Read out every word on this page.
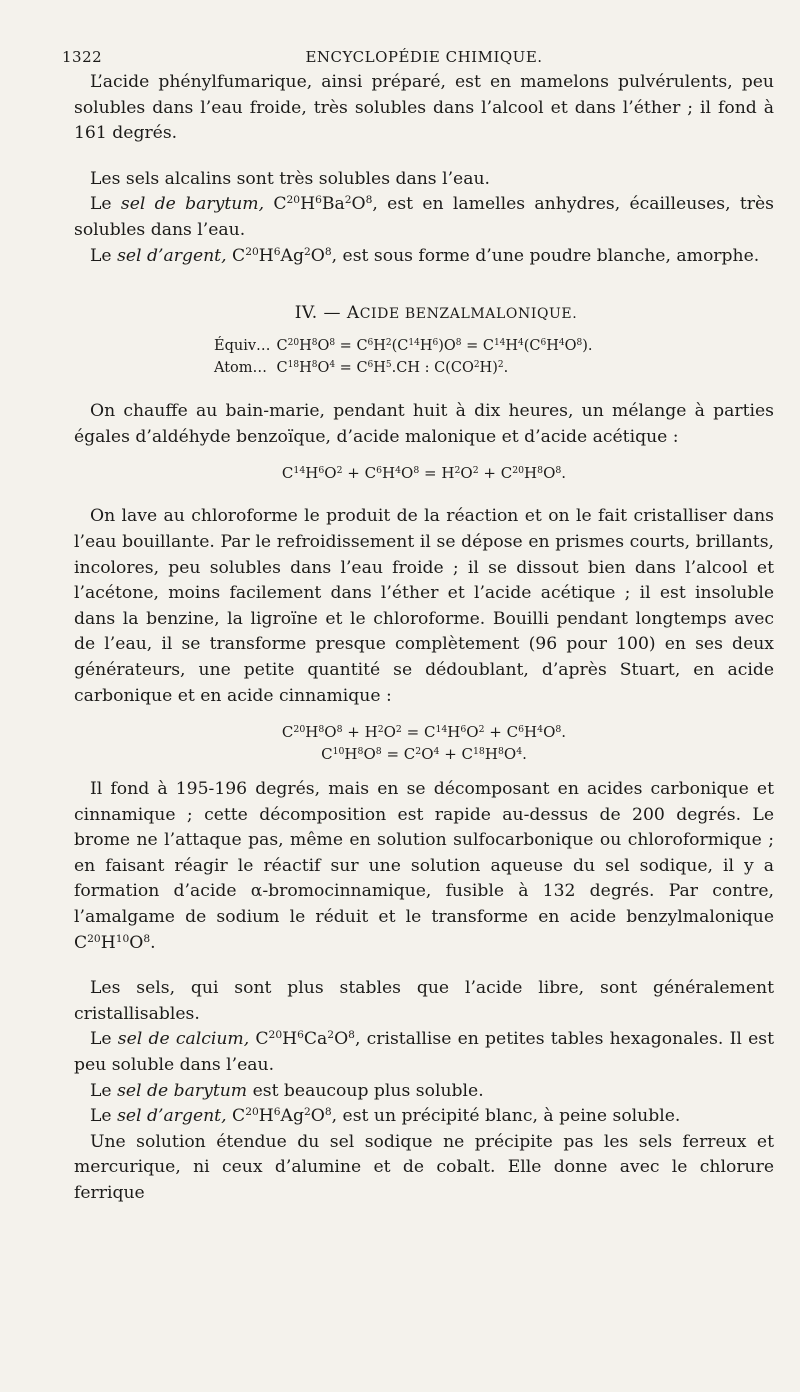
1322	ENCYCLOPÉDIE CHIMIQUE.

L’acide phénylfumarique, ainsi préparé, est en mamelons pulvérulents, peu solubles dans l’eau froide, très solubles dans l’alcool et dans l’éther ; il fond à 161 degrés.

Les sels alcalins sont très solubles dans l’eau.

Le sel de barytum, $C^{20}H^6Ba^2O^8$, est en lamelles anhydres, écailleuses, très solubles dans l’eau.

Le sel d’argent, $C^{20}H^6Ag^2O^8$, est sous forme d’une poudre blanche, amorphe.

IV. — ACIDE BENZALMALONIQUE.
Équiv…	$C^{20}H^8O^8 = C^6H^2(C^{14}H^6)O^8 = C^{14}H^4(C^6H^4O^8)$.
Atom…	$C^{18}H^8O^4 = C^6H^5.CH$ : $C(CO^2H)^2$.

On chauffe au bain-marie, pendant huit à dix heures, un mélange à parties égales d’aldéhyde benzoïque, d’acide malonique et d’acide acétique :

$C^{14}H^6O^2 + C^6H^4O^8 = H^2O^2 + C^{20}H^8O^8$.

On lave au chloroforme le produit de la réaction et on le fait cristalliser dans l’eau bouillante. Par le refroidissement il se dépose en prismes courts, brillants, incolores, peu solubles dans l’eau froide ; il se dissout bien dans l’alcool et l’acétone, moins facilement dans l’éther et l’acide acétique ; il est insoluble dans la benzine, la ligroïne et le chloroforme. Bouilli pendant longtemps avec de l’eau, il se transforme presque complètement (96 pour 100) en ses deux générateurs, une petite quantité se dédoublant, d’après Stuart, en acide carbonique et en acide cinnamique :

$C^{20}H^8O^8 + H^2O^2 = C^{14}H^6O^2 + C^6H^4O^8$.
$C^{10}H^8O^8 = C^2O^4 + C^{18}H^8O^4$.

Il fond à 195-196 degrés, mais en se décomposant en acides carbonique et cinnamique ; cette décomposition est rapide au-dessus de 200 degrés. Le brome ne l’attaque pas, même en solution sulfocarbonique ou chloroformique ; en faisant réagir le réactif sur une solution aqueuse du sel sodique, il y a formation d’acide α-bromocinnamique, fusible à 132 degrés. Par contre, l’amalgame de sodium le réduit et le transforme en acide benzylmalonique $C^{20}H^{10}O^8$.

Les sels, qui sont plus stables que l’acide libre, sont généralement cristallisables.

Le sel de calcium, $C^{20}H^6Ca^2O^8$, cristallise en petites tables hexagonales. Il est peu soluble dans l’eau.

Le sel de barytum est beaucoup plus soluble.

Le sel d’argent, $C^{20}H^6Ag^2O^8$, est un précipité blanc, à peine soluble.

Une solution étendue du sel sodique ne précipite pas les sels ferreux et mercurique, ni ceux d’alumine et de cobalt. Elle donne avec le chlorure ferrique
